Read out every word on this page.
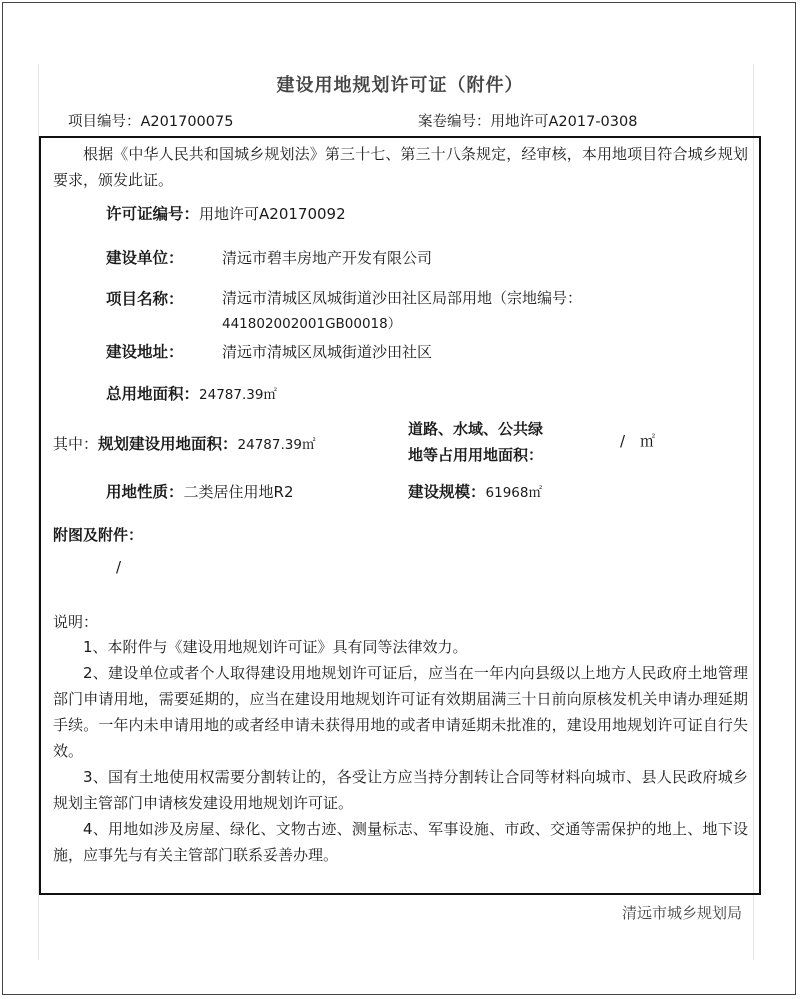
建设用地规划许可证（附件）
项目编号：A201700075	案卷编号：用地许可A2017-0308
根据《中华人民共和国城乡规划法》第三十七、第三十八条规定，经审核，本用地项目符合城乡规划要求，颁发此证。
许可证编号：用地许可A20170092
建设单位：	清远市碧丰房地产开发有限公司
项目名称：	清远市清城区凤城街道沙田社区局部用地（宗地编号：
441802002001GB00018）
建设地址：	清远市清城区凤城街道沙田社区
总用地面积：24787.39㎡
其中：规划建设用地面积：24787.39㎡
道路、水域、公共绿
地等占用用地面积：
/　㎡
用地性质：二类居住用地R2	建设规模：61968㎡
附图及附件：
/
说明：
1、本附件与《建设用地规划许可证》具有同等法律效力。
2、建设单位或者个人取得建设用地规划许可证后，应当在一年内向县级以上地方人民政府土地管理部门申请用地，需要延期的，应当在建设用地规划许可证有效期届满三十日前向原核发机关申请办理延期手续。一年内未申请用地的或者经申请未获得用地的或者申请延期未批准的，建设用地规划许可证自行失效。
3、国有土地使用权需要分割转让的，各受让方应当持分割转让合同等材料向城市、县人民政府城乡规划主管部门申请核发建设用地规划许可证。
4、用地如涉及房屋、绿化、文物古迹、测量标志、军事设施、市政、交通等需保护的地上、地下设施，应事先与有关主管部门联系妥善办理。
清远市城乡规划局
